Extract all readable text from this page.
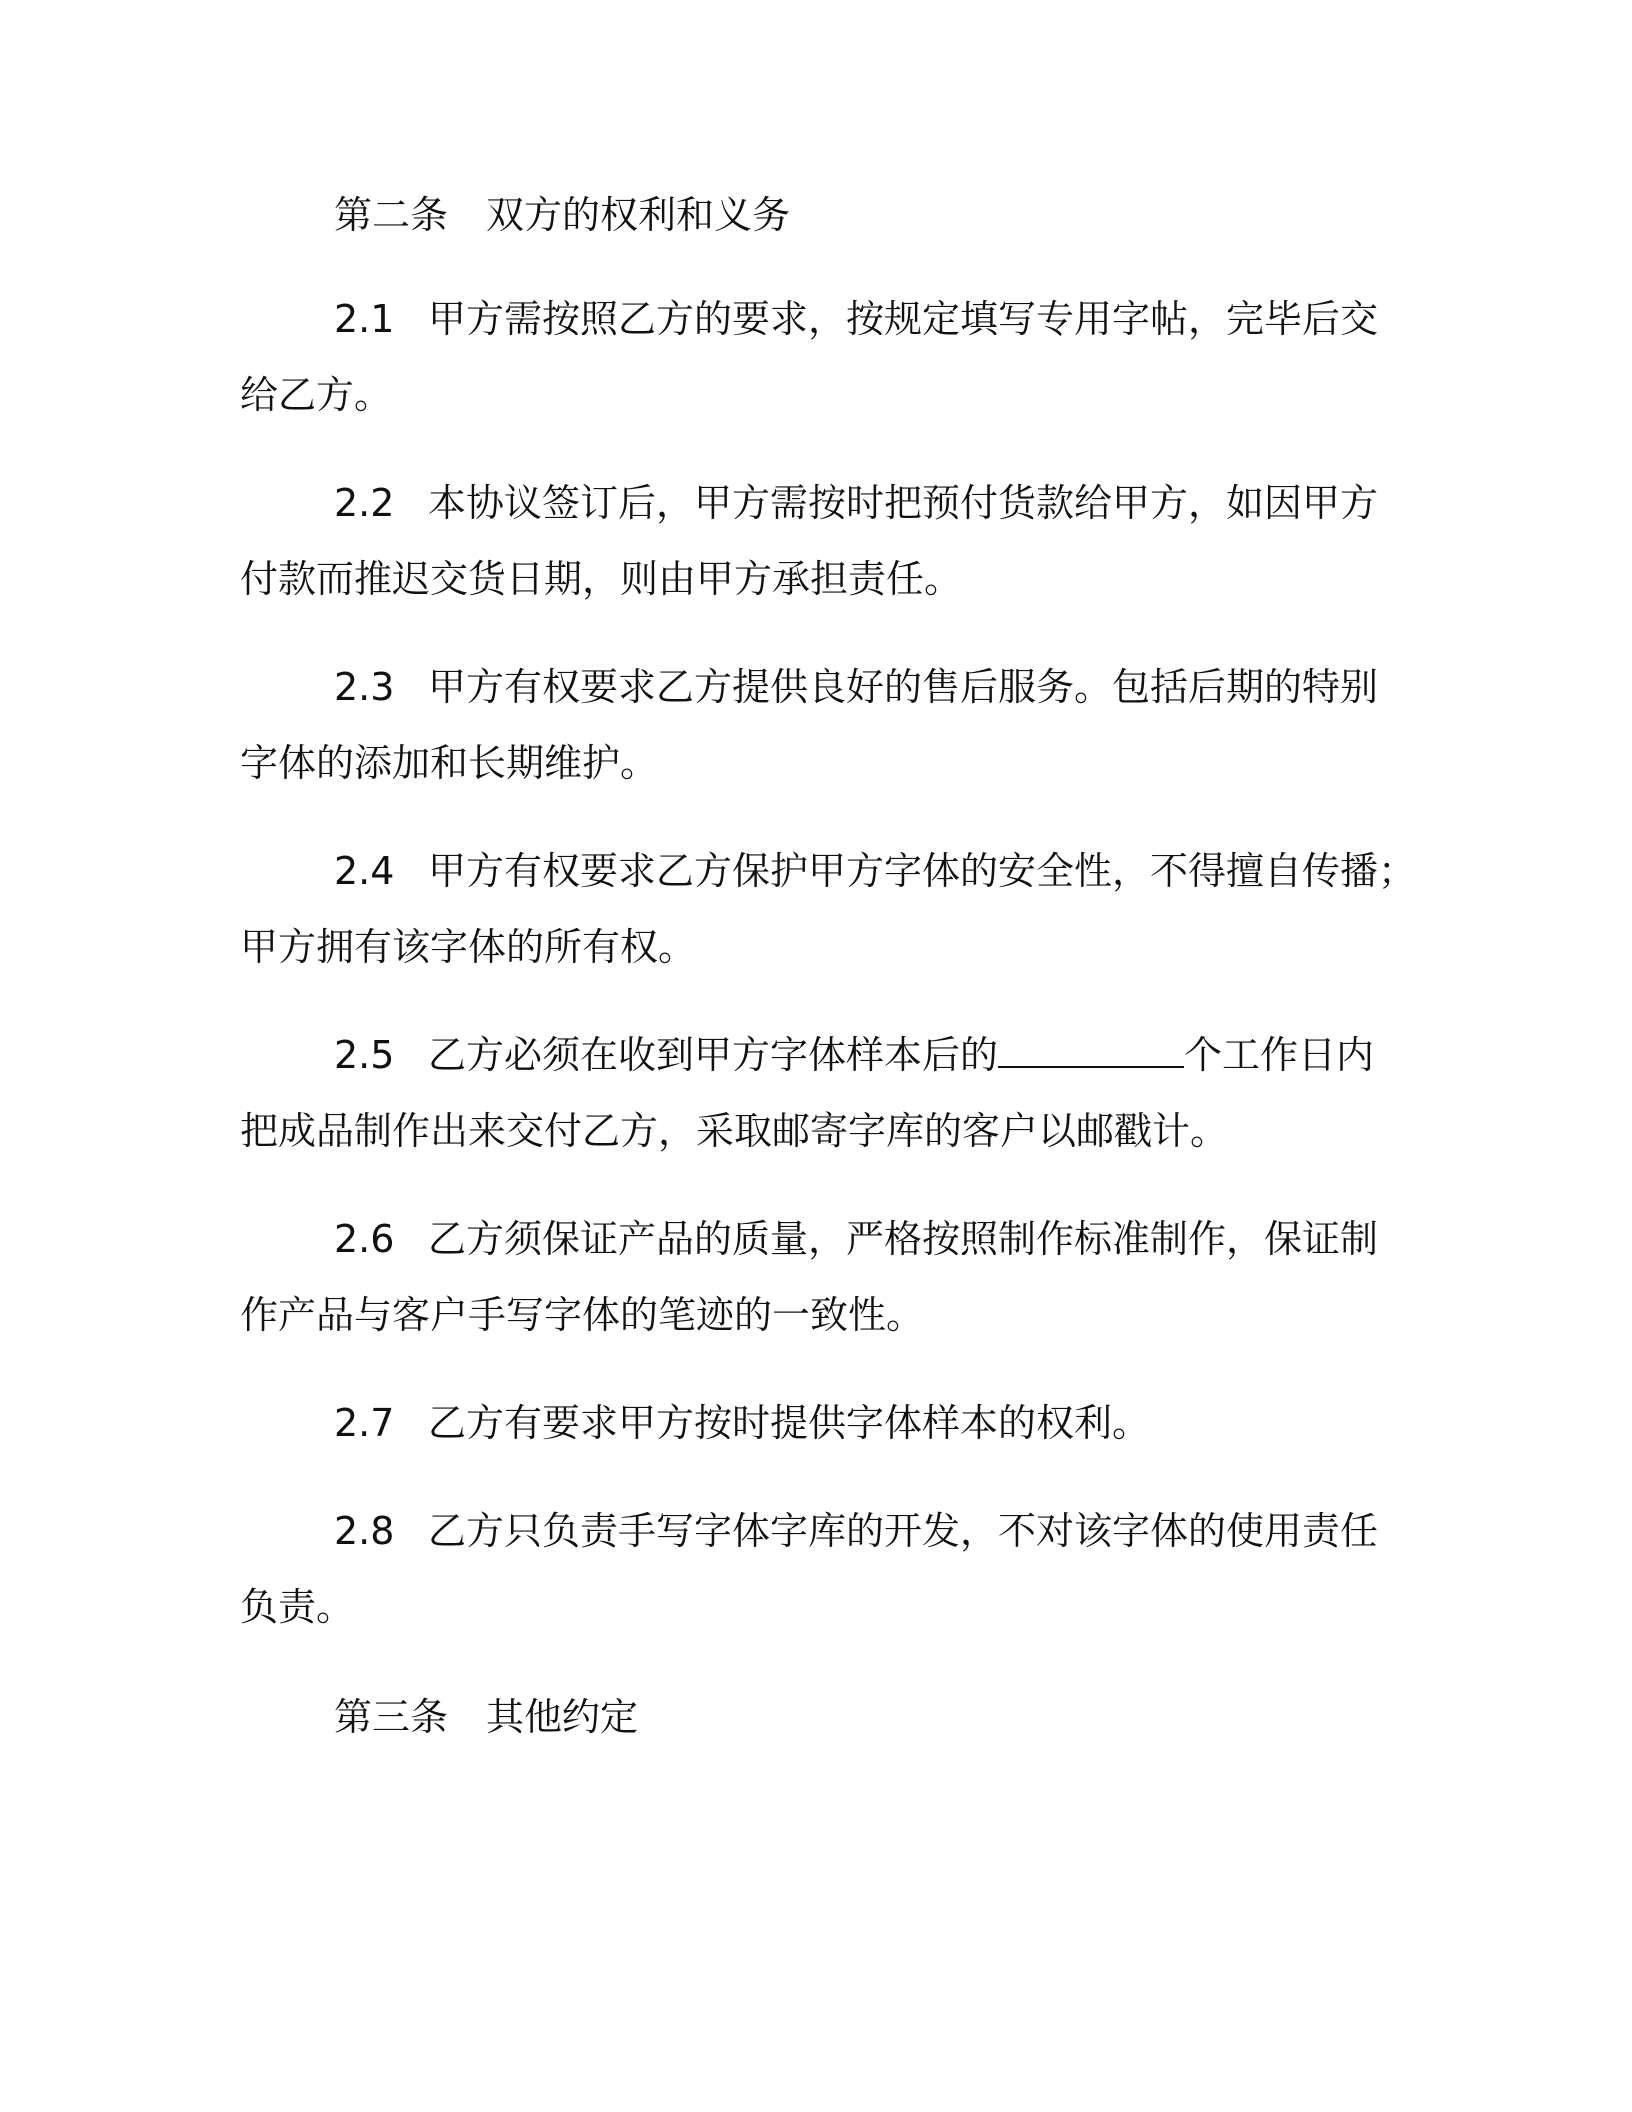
第二条　双方的权利和义务

2.1 甲方需按照乙方的要求，按规定填写专用字帖，完毕后交

给乙方。

2.2 本协议签订后，甲方需按时把预付货款给甲方，如因甲方

付款而推迟交货日期，则由甲方承担责任。

2.3 甲方有权要求乙方提供良好的售后服务。包括后期的特别

字体的添加和长期维护。

2.4 甲方有权要求乙方保护甲方字体的安全性，不得擅自传播；

甲方拥有该字体的所有权。

2.5 乙方必须在收到甲方字体样本后的	个工作日内

把成品制作出来交付乙方，采取邮寄字库的客户以邮戳计。

2.6 乙方须保证产品的质量，严格按照制作标准制作，保证制

作产品与客户手写字体的笔迹的一致性。

2.7 乙方有要求甲方按时提供字体样本的权利。

2.8 乙方只负责手写字体字库的开发，不对该字体的使用责任

负责。

第三条　其他约定
